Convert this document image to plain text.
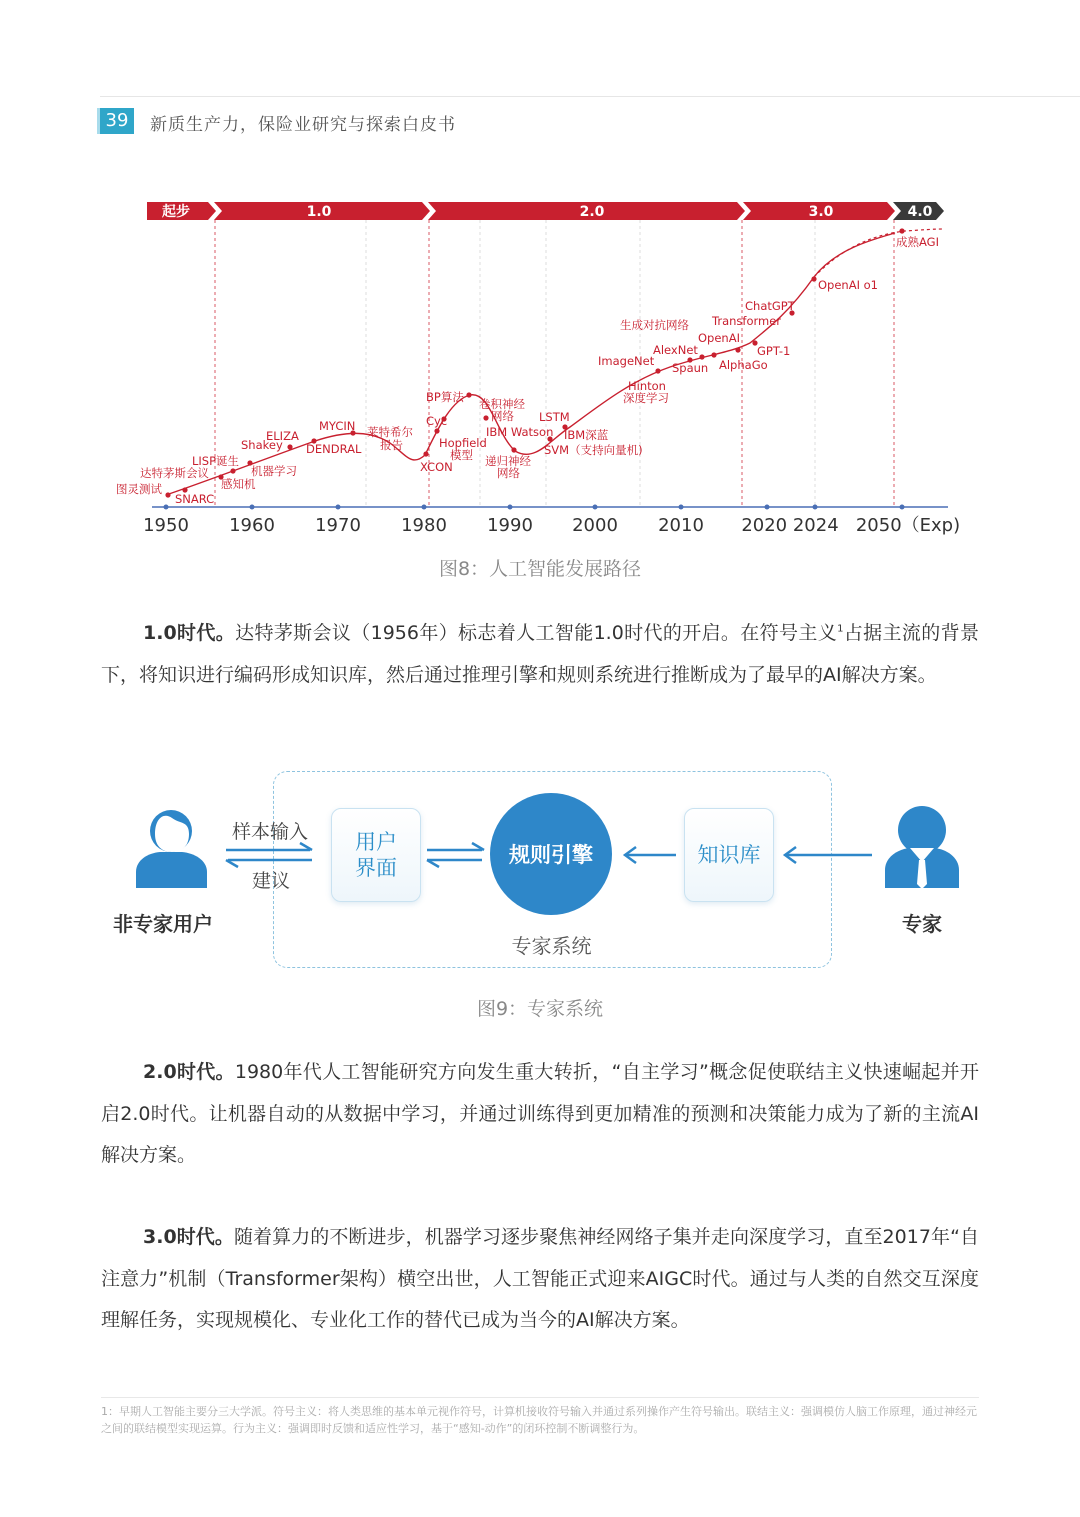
39	新质生产力，保险业研究与探索白皮书
起步	1.0	2.0	3.0	4.0
1950 1960 1970 1980 1990 2000 2010 2020 2024 2050（Exp)
图灵测试
SNARC
达特茅斯会议
LISP诞生
感知机
机器学习
Shakey
ELIZA
DENDRAL
MYCIN 莱特希尔
报告
XCON
Cyc
BP算法
Hopfield
模型
卷积神经
网络
IBM Watson
递归神经
网络
LSTM
IBM深蓝
SVM（支持向量机)
ImageNet
Hinton
深度学习
生成对抗网络
AlexNet
Spaun
OpenAI
AlphaGo
Transformer
GPT-1
ChatGPT
OpenAI o1
成熟AGI
图8：人工智能发展路径

1.0时代。达特茅斯会议（1956年）标志着人工智能1.0时代的开启。在符号主义$^1$占据主流的背景下，将知识进行编码形成知识库，然后通过推理引擎和规则系统进行推断成为了最早的AI解决方案。

样本输入
建议
用户
界面
规则引擎	知识库
非专家用户	专家
专家系统
图9：专家系统

2.0时代。1980年代人工智能研究方向发生重大转折，“自主学习”概念促使联结主义快速崛起并开启2.0时代。让机器自动的从数据中学习，并通过训练得到更加精准的预测和决策能力成为了新的主流AI解决方案。

3.0时代。随着算力的不断进步，机器学习逐步聚焦神经网络子集并走向深度学习，直至2017年“自注意力”机制（Transformer架构）横空出世，人工智能正式迎来AIGC时代。通过与人类的自然交互深度理解任务，实现规模化、专业化工作的替代已成为当今的AI解决方案。

1：早期人工智能主要分三大学派。符号主义：将人类思维的基本单元视作符号，计算机接收符号输入并通过系列操作产生符号输出。联结主义：强调模仿人脑工作原理，通过神经元之间的联结模型实现运算。行为主义：强调即时反馈和适应性学习，基于“感知-动作”的闭环控制不断调整行为。
